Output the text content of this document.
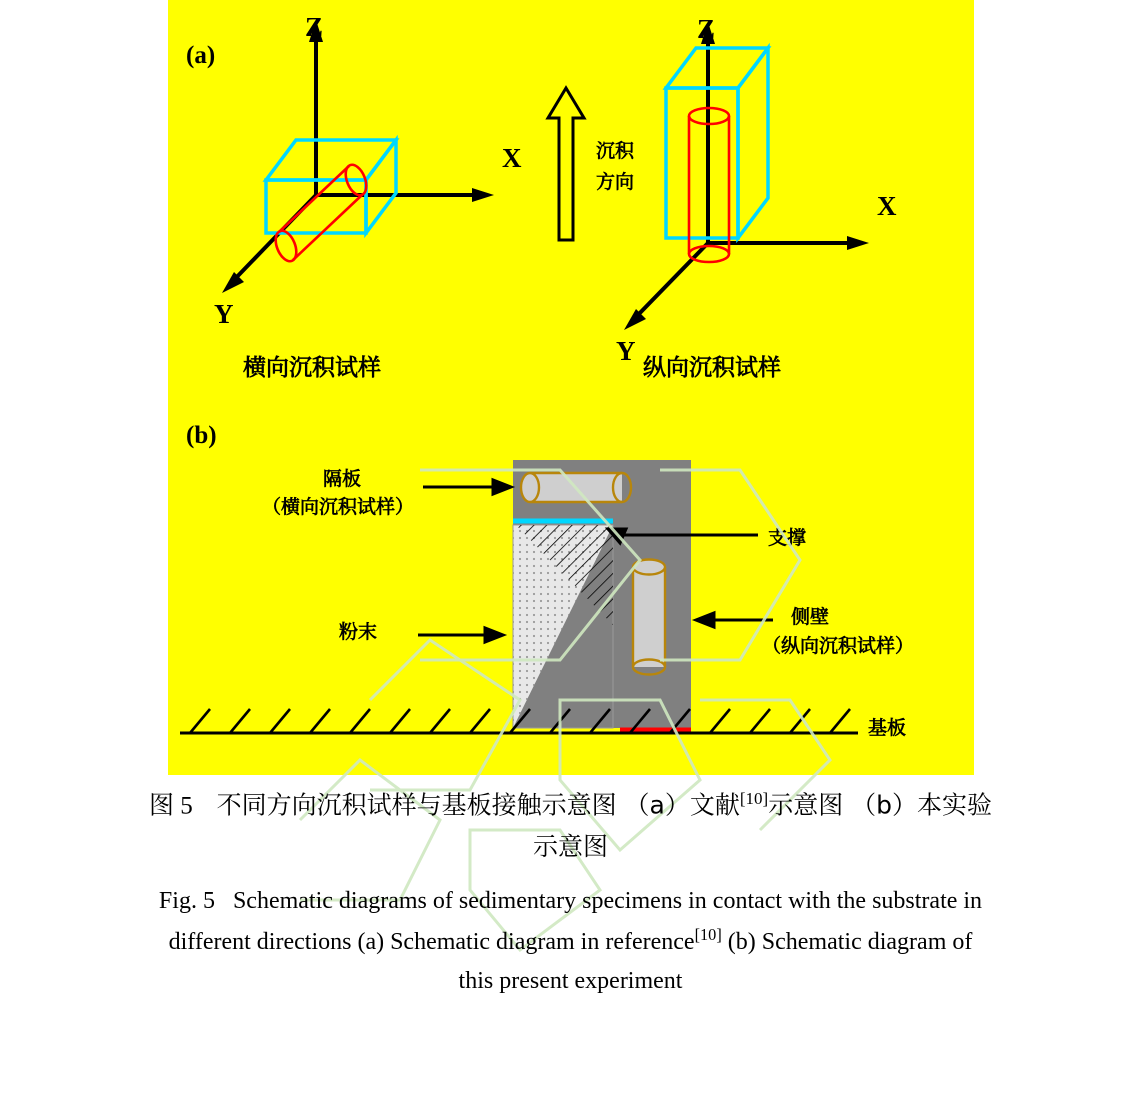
(a)
Z
X
Y
Z
X
Y
沉积
方向
横向沉积试样	纵向沉积试样
(b)
隔板
（横向沉积试样）
支撑
粉末
侧壁
（纵向沉积试样）
基板
图 5 不同方向沉积试样与基板接触示意图 （a）文献[10]示意图 （b）本实验
示意图
Fig. 5 Schematic diagrams of sedimentary specimens in contact with the substrate in
different directions (a) Schematic diagram in reference[10] (b) Schematic diagram of
this present experiment
